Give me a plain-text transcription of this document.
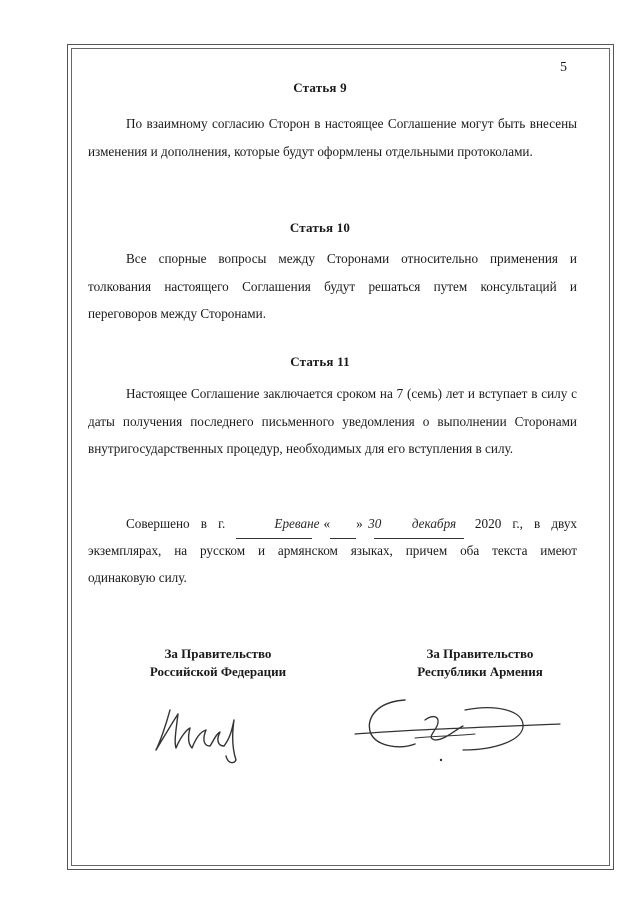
5
Статья 9
По взаимному согласию Сторон в настоящее Соглашение могут быть внесены изменения и дополнения, которые будут оформлены отдельными протоколами.
Статья 10
Все спорные вопросы между Сторонами относительно применения и толкования настоящего Соглашения будут решаться путем консультаций и переговоров между Сторонами.
Статья 11
Настоящее Соглашение заключается сроком на 7 (семь) лет и вступает в силу с даты получения последнего письменного уведомления о выполнении Сторонами внутригосударственных процедур, необходимых для его вступления в силу.
Совершено в г.	Ереване «	30»	декабря 2020 г., в двух
экземплярах, на русском и армянском языках, причем оба текста имеют
одинаковую силу.
За Правительство
Российской Федерации
За Правительство
Республики Армения
